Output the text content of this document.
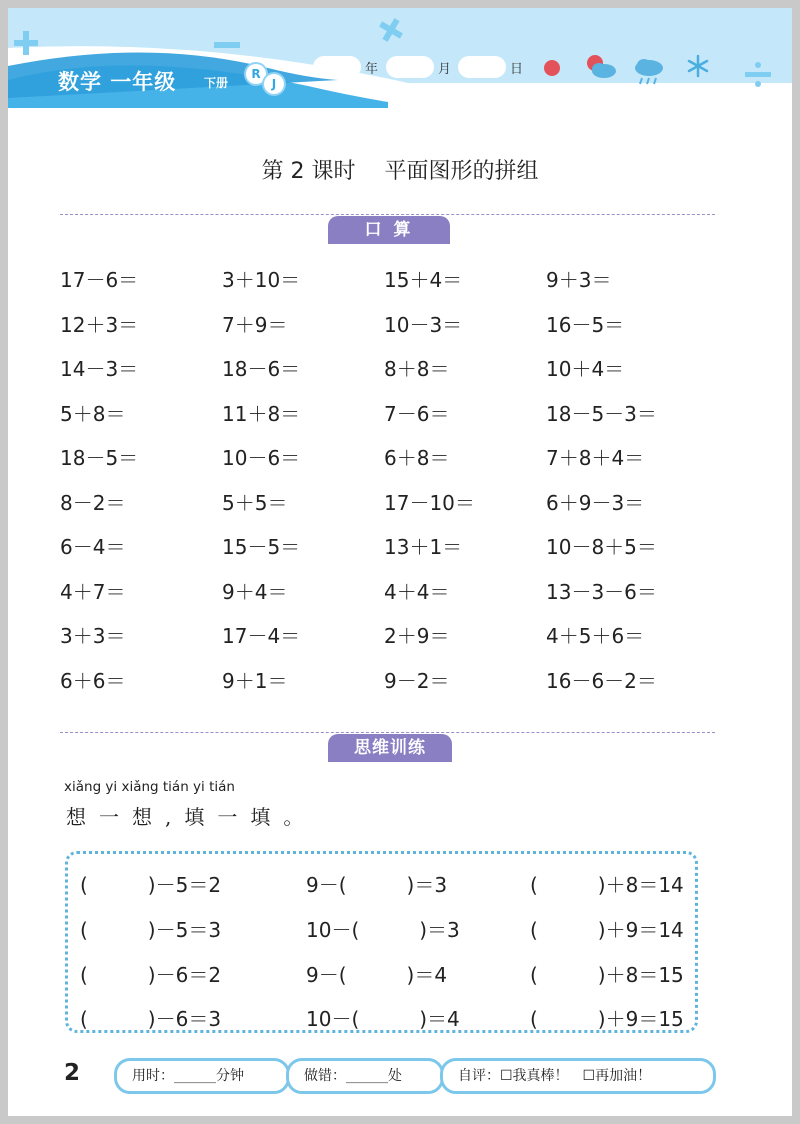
数学 一年级 下册
R
J
年	月	日
第 2 课时　 平面图形的拼组
口 算
17－6＝	3＋10＝	15＋4＝	9＋3＝
12＋3＝	7＋9＝	10－3＝	16－5＝
14－3＝	18－6＝	8＋8＝	10＋4＝
5＋8＝	11＋8＝	7－6＝	18－5－3＝
18－5＝	10－6＝	6＋8＝	7＋8＋4＝
8－2＝	5＋5＝	17－10＝	6＋9－3＝
6－4＝	15－5＝	13＋1＝	10－8＋5＝
4＋7＝	9＋4＝	4＋4＝	13－3－6＝
3＋3＝	17－4＝	2＋9＝	4＋5＋6＝
6＋6＝	9＋1＝	9－2＝	16－6－2＝
思维训练
xiǎng yi xiǎng tián yi tián
想一想,填一填。
(　　　)－5＝2	9－(　　　)＝3	(　　　)＋8＝14
(　　　)－5＝3	10－(　　　)＝3	(　　　)＋9＝14
(　　　)－6＝2	9－(　　　)＝4	(　　　)＋8＝15
(　　　)－6＝3	10－(　　　)＝4	(　　　)＋9＝15
2	用时：______分钟	做错：______处	自评：☐我真棒！　☐再加油！
